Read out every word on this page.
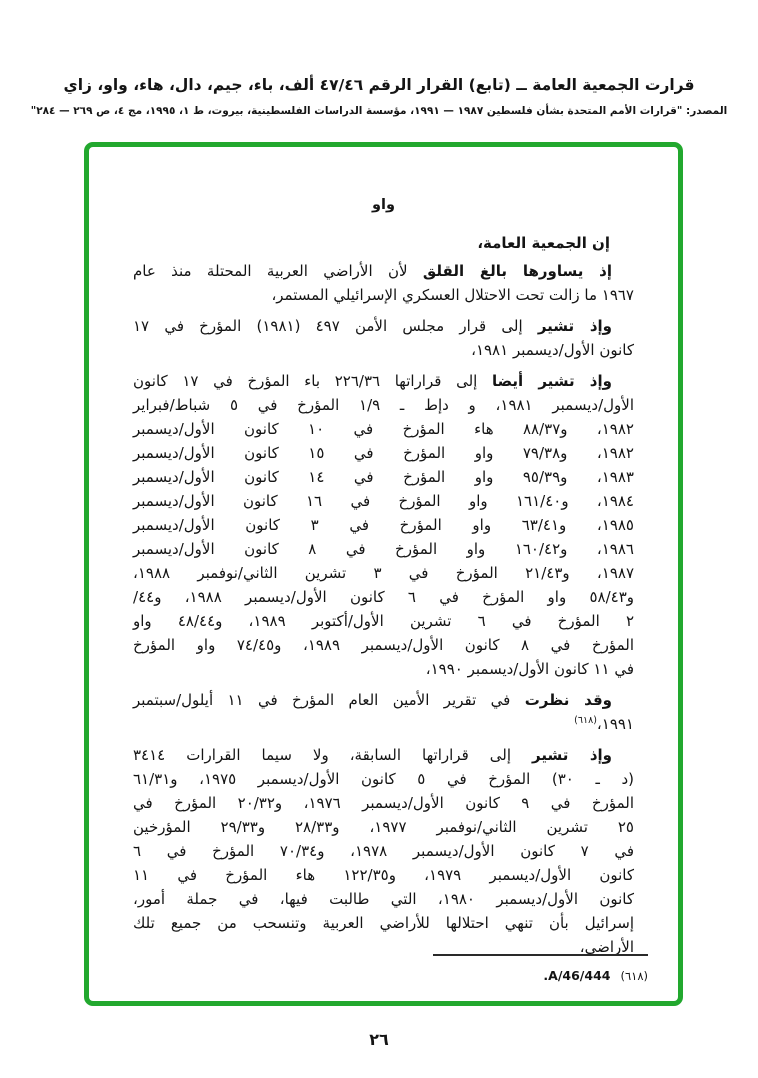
قرارت الجمعية العامة ــ (تابع) القرار الرقم ٤٧/٤٦ ألف، باء، جيم، دال، هاء، واو، زاي
المصدر: "قرارات الأمم المتحدة بشأن فلسطين ١٩٨٧ — ١٩٩١، مؤسسة الدراسات الفلسطينية، بيروت، ط ١، ١٩٩٥، مج ٤، ص ٢٦٩ — ٢٨٤"
واو
إن الجمعية العامة،
إذ يساورها بالغ القلق لأن الأراضي العربية المحتلة منذ عام
١٩٦٧ ما زالت تحت الاحتلال العسكري الإسرائيلي المستمر،
وإذ تشير إلى قرار مجلس الأمن ٤٩٧ (١٩٨١) المؤرخ في ١٧
كانون الأول/ديسمبر ١٩٨١،
وإذ تشير أيضا إلى قراراتها ٢٢٦/٣٦ باء المؤرخ في ١٧ كانون
الأول/ديسمبر ١٩٨١، و دإط ـ ١/٩ المؤرخ في ٥ شباط/فبراير
١٩٨٢، و٨٨/٣٧ هاء المؤرخ في ١٠ كانون الأول/ديسمبر
١٩٨٢، و٧٩/٣٨ واو المؤرخ في ١٥ كانون الأول/ديسمبر
١٩٨٣، و٩٥/٣٩ واو المؤرخ في ١٤ كانون الأول/ديسمبر
١٩٨٤، و١٦١/٤٠ واو المؤرخ في ١٦ كانون الأول/ديسمبر
١٩٨٥، و٦٣/٤١ واو المؤرخ في ٣ كانون الأول/ديسمبر
١٩٨٦، و١٦٠/٤٢ واو المؤرخ في ٨ كانون الأول/ديسمبر
١٩٨٧، و٢١/٤٣ المؤرخ في ٣ تشرين الثاني/نوفمبر ١٩٨٨،
و٥٨/٤٣ واو المؤرخ في ٦ كانون الأول/ديسمبر ١٩٨٨، و٤٤/
٢ المؤرخ في ٦ تشرين الأول/أكتوبر ١٩٨٩، و٤٨/٤٤ واو
المؤرخ في ٨ كانون الأول/ديسمبر ١٩٨٩، و٧٤/٤٥ واو المؤرخ
في ١١ كانون الأول/ديسمبر ١٩٩٠،
وقد نظرت في تقرير الأمين العام المؤرخ في ١١ أيلول/سبتمبر
١٩٩١،$^{(٦١٨)}$
وإذ تشير إلى قراراتها السابقة، ولا سيما القرارات ٣٤١٤
(د ـ ٣٠) المؤرخ في ٥ كانون الأول/ديسمبر ١٩٧٥، و٦١/٣١
المؤرخ في ٩ كانون الأول/ديسمبر ١٩٧٦، و٢٠/٣٢ المؤرخ في
٢٥ تشرين الثاني/نوفمبر ١٩٧٧، و٢٨/٣٣ و٢٩/٣٣ المؤرخين
في ٧ كانون الأول/ديسمبر ١٩٧٨، و٧٠/٣٤ المؤرخ في ٦
كانون الأول/ديسمبر ١٩٧٩، و١٢٢/٣٥ هاء المؤرخ في ١١
كانون الأول/ديسمبر ١٩٨٠، التي طالبت فيها، في جملة أمور،
إسرائيل بأن تنهي احتلالها للأراضي العربية وتنسحب من جميع تلك
الأراضي،
(٦١٨)A/46/444.
٢٦
